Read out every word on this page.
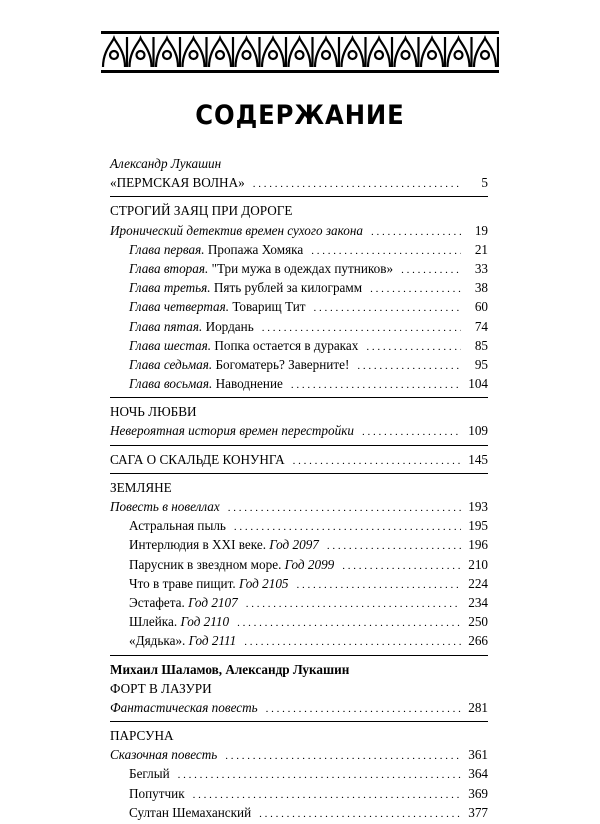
СОДЕРЖАНИЕ
Александр Лукашин
«ПЕРМСКАЯ ВОЛНА» . . .	5
СТРОГИЙ ЗАЯЦ ПРИ ДОРОГЕ
Иронический детектив времен сухого закона . . .	19
Глава первая. Пропажа Хомяка . . .	21
Глава вторая. "Три мужа в одеждах путников» . . .	33
Глава третья. Пять рублей за килограмм . . .	38
Глава четвертая. Товарищ Тит . . .	60
Глава пятая. Иордань . . .	74
Глава шестая. Попка остается в дураках . . .	85
Глава седьмая. Богоматерь? Заверните! . . .	95
Глава восьмая. Наводнение . . .	104
НОЧЬ ЛЮБВИ
Невероятная история времен перестройки . . .	109
САГА О СКАЛЬДЕ КОНУНГА . . .	145
ЗЕМЛЯНЕ
Повесть в новеллах . . .	193
Астральная пыль . . .	195
Интерлюдия в XXI веке. Год 2097 . . .	196
Парусник в звездном море. Год 2099 . . .	210
Что в траве пищит. Год 2105 . . .	224
Эстафета. Год 2107 . . .	234
Шлейка. Год 2110 . . .	250
«Дядька». Год 2111 . . .	266
Михаил Шаламов, Александр Лукашин
ФОРТ В ЛАЗУРИ
Фантастическая повесть . . .	281
ПАРСУНА
Сказочная повесть . . .	361
Беглый . . .	364
Попутчик . . .	369
Султан Шемаханский . . .	377
